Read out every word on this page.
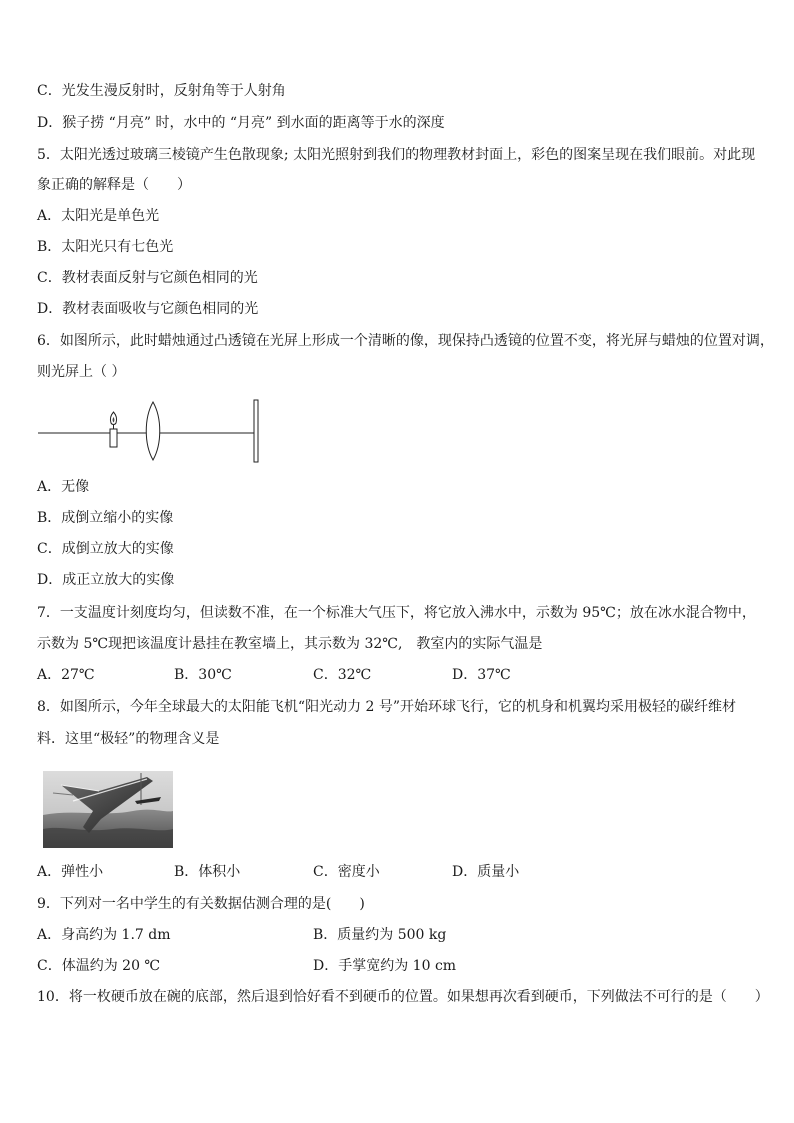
C．光发生漫反射时，反射角等于人射角
D．猴子捞 “月亮” 时，水中的 “月亮” 到水面的距离等于水的深度
5．太阳光透过玻璃三棱镜产生色散现象; 太阳光照射到我们的物理教材封面上，彩色的图案呈现在我们眼前。对此现
象正确的解释是（　　）
A．太阳光是单色光
B．太阳光只有七色光
C．教材表面反射与它颜色相同的光
D．教材表面吸收与它颜色相同的光
6．如图所示，此时蜡烛通过凸透镜在光屏上形成一个清晰的像，现保持凸透镜的位置不变，将光屏与蜡烛的位置对调，
则光屏上（ ）
A．无像
B．成倒立缩小的实像
C．成倒立放大的实像
D．成正立放大的实像
7．一支温度计刻度均匀，但读数不准，在一个标准大气压下，将它放入沸水中，示数为 95℃；放在冰水混合物中，
示数为 5℃现把该温度计悬挂在教室墙上，其示数为 32℃,　教室内的实际气温是
A．27℃	B．30℃	C．32℃	D．37℃
8．如图所示，今年全球最大的太阳能飞机“阳光动力 2 号”开始环球飞行，它的机身和机翼均采用极轻的碳纤维材
料．这里“极轻”的物理含义是
A．弹性小	B．体积小	C．密度小	D．质量小
9．下列对一名中学生的有关数据估测合理的是(　　)
A．身高约为 1.7 dm	B．质量约为 500 kg
C．体温约为 20 ℃	D．手掌宽约为 10 cm
10．将一枚硬币放在碗的底部，然后退到恰好看不到硬币的位置。如果想再次看到硬币，下列做法不可行的是（　　）
